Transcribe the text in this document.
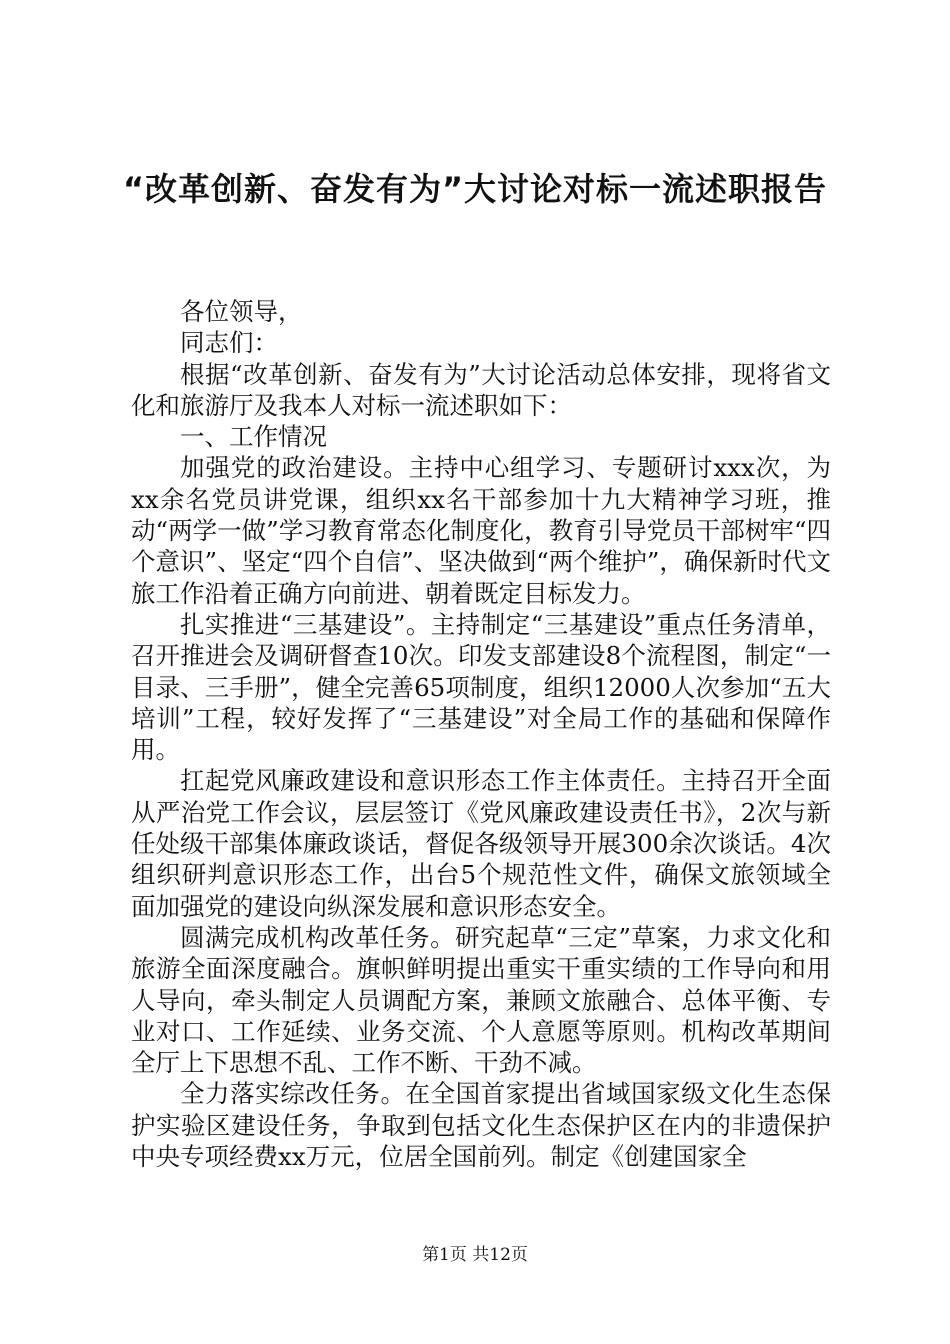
“改革创新、奋发有为”大讨论对标一流述职报告

各位领导，

同志们：

根据“改革创新、奋发有为”大讨论活动总体安排，现将省文化和旅游厅及我本人对标一流述职如下：

一、工作情况

加强党的政治建设。主持中心组学习、专题研讨xxx次，为xx余名党员讲党课，组织xx名干部参加十九大精神学习班，推动“两学一做”学习教育常态化制度化，教育引导党员干部树牢“四个意识”、坚定“四个自信”、坚决做到“两个维护”，确保新时代文旅工作沿着正确方向前进、朝着既定目标发力。

扎实推进“三基建设”。主持制定“三基建设”重点任务清单，召开推进会及调研督查10次。印发支部建设8个流程图，制定“一目录、三手册”，健全完善65项制度，组织12000人次参加“五大培训”工程，较好发挥了“三基建设”对全局工作的基础和保障作用。

扛起党风廉政建设和意识形态工作主体责任。主持召开全面从严治党工作会议，层层签订《党风廉政建设责任书》，2次与新任处级干部集体廉政谈话，督促各级领导开展300余次谈话。4次组织研判意识形态工作，出台5个规范性文件，确保文旅领域全面加强党的建设向纵深发展和意识形态安全。

圆满完成机构改革任务。研究起草“三定”草案，力求文化和旅游全面深度融合。旗帜鲜明提出重实干重实绩的工作导向和用人导向，牵头制定人员调配方案，兼顾文旅融合、总体平衡、专业对口、工作延续、业务交流、个人意愿等原则。机构改革期间全厅上下思想不乱、工作不断、干劲不减。

全力落实综改任务。在全国首家提出省域国家级文化生态保护实验区建设任务，争取到包括文化生态保护区在内的非遗保护中央专项经费xx万元，位居全国前列。制定《创建国家全

第1页 共12页
